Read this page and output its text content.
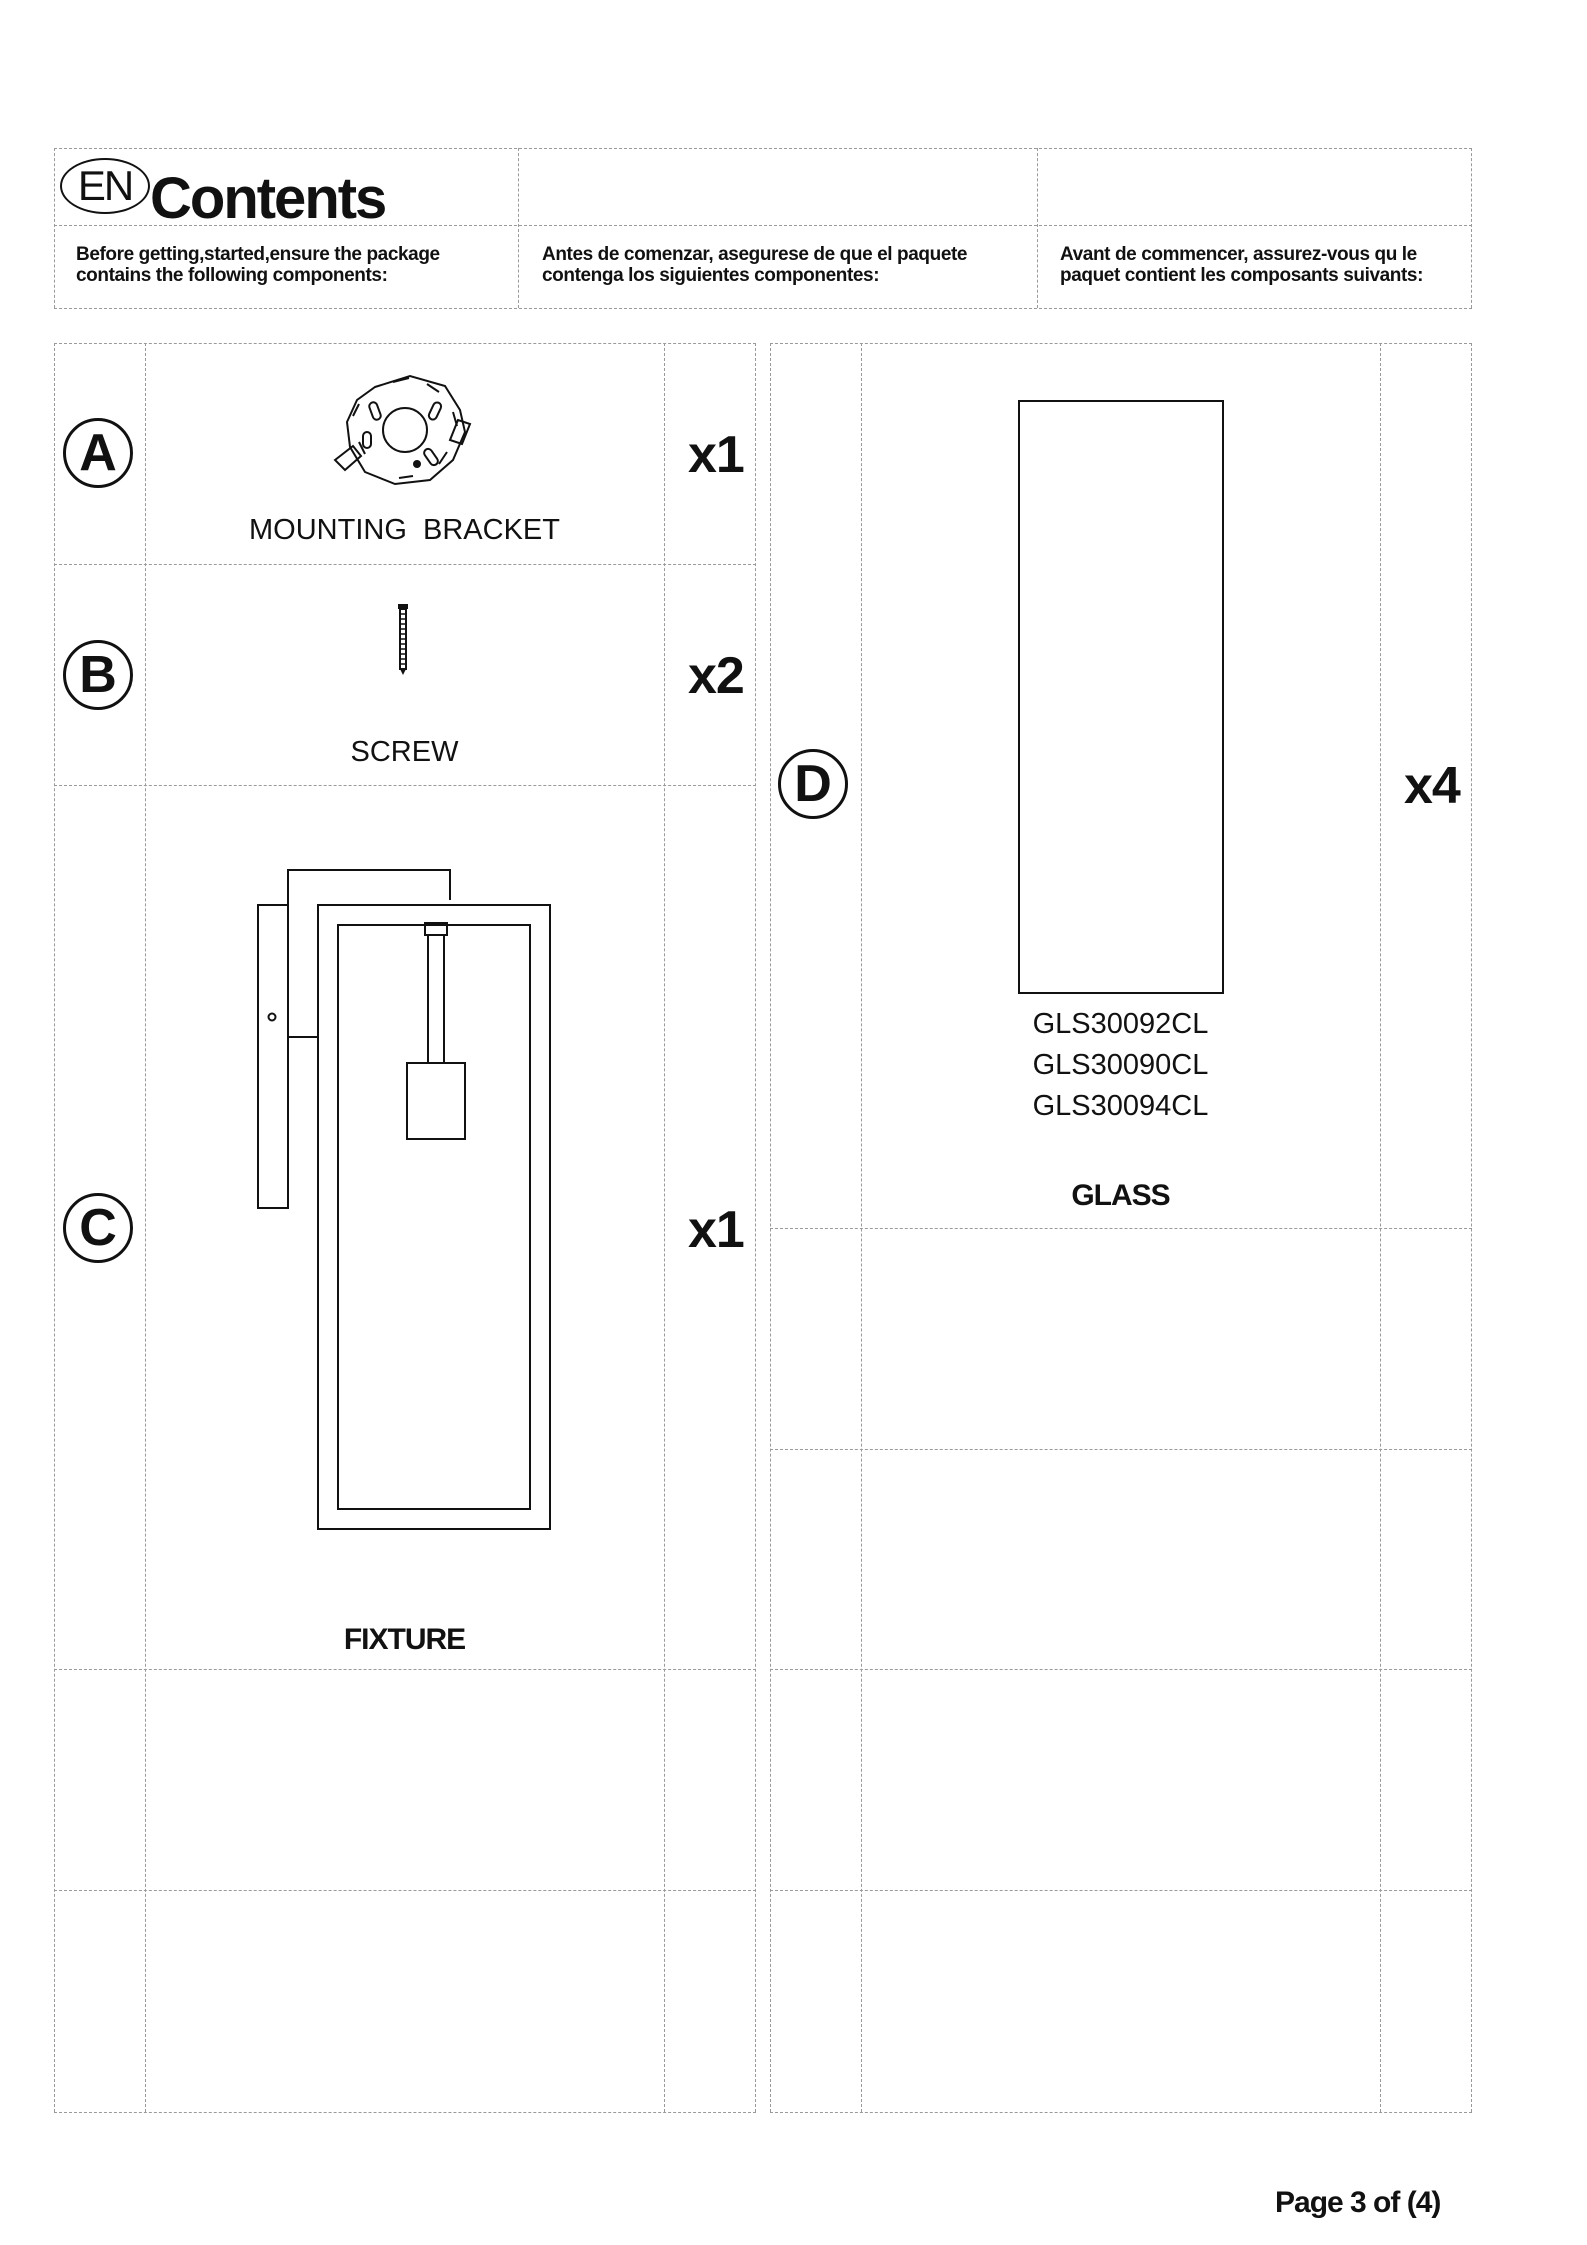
EN Contents
Before getting,started,ensure the package
contains the following components:
Antes de comenzar, asegurese de que el paquete
contenga los siguientes componentes:
Avant de commencer, assurez-vous qu le
paquet contient les composants suivants:
A
MOUNTING  BRACKET
x1
B
SCREW
x2
C
FIXTURE
x1
D
GLS30092CL
GLS30090CL
GLS30094CL
GLASS
x4
Page 3 of (4)
